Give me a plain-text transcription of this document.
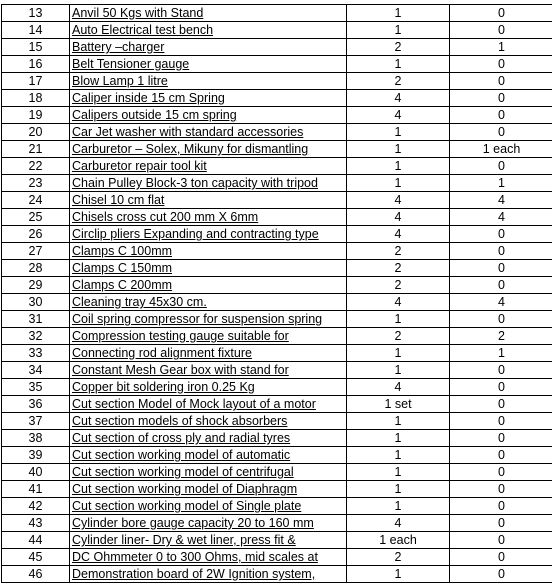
13	Anvil 50 Kgs with Stand	1	0
14	Auto Electrical test bench	1	0
15	Battery –charger	2	1
16	Belt Tensioner gauge	1	0
17	Blow Lamp 1 litre	2	0
18	Caliper inside 15 cm Spring	4	0
19	Calipers outside 15 cm spring	4	0
20	Car Jet washer with standard accessories	1	0
21	Carburetor – Solex, Mikuny for dismantling	1	1 each
22	Carburetor repair tool kit	1	0
23	Chain Pulley Block-3 ton capacity with tripod	1	1
24	Chisel 10 cm flat	4	4
25	Chisels cross cut 200 mm X 6mm	4	4
26	Circlip pliers Expanding and contracting type	4	0
27	Clamps C 100mm	2	0
28	Clamps C 150mm	2	0
29	Clamps C 200mm	2	0
30	Cleaning tray 45x30 cm.	4	4
31	Coil spring compressor for suspension spring	1	0
32	Compression testing gauge suitable for	2	2
33	Connecting rod alignment fixture	1	1
34	Constant Mesh Gear box with stand for	1	0
35	Copper bit soldering iron 0.25 Kg	4	0
36	Cut section Model of Mock layout of a motor	1 set	0
37	Cut section models of shock absorbers	1	0
38	Cut section of cross ply and radial tyres	1	0
39	Cut section working model of automatic	1	0
40	Cut section working model of centrifugal	1	0
41	Cut section working model of Diaphragm	1	0
42	Cut section working model of Single plate	1	0
43	Cylinder bore gauge capacity 20 to 160 mm	4	0
44	Cylinder liner- Dry & wet liner, press fit &	1 each	0
45	DC Ohmmeter 0 to 300 Ohms, mid scales at	2	0
46	Demonstration board of 2W Ignition system,	1	0
